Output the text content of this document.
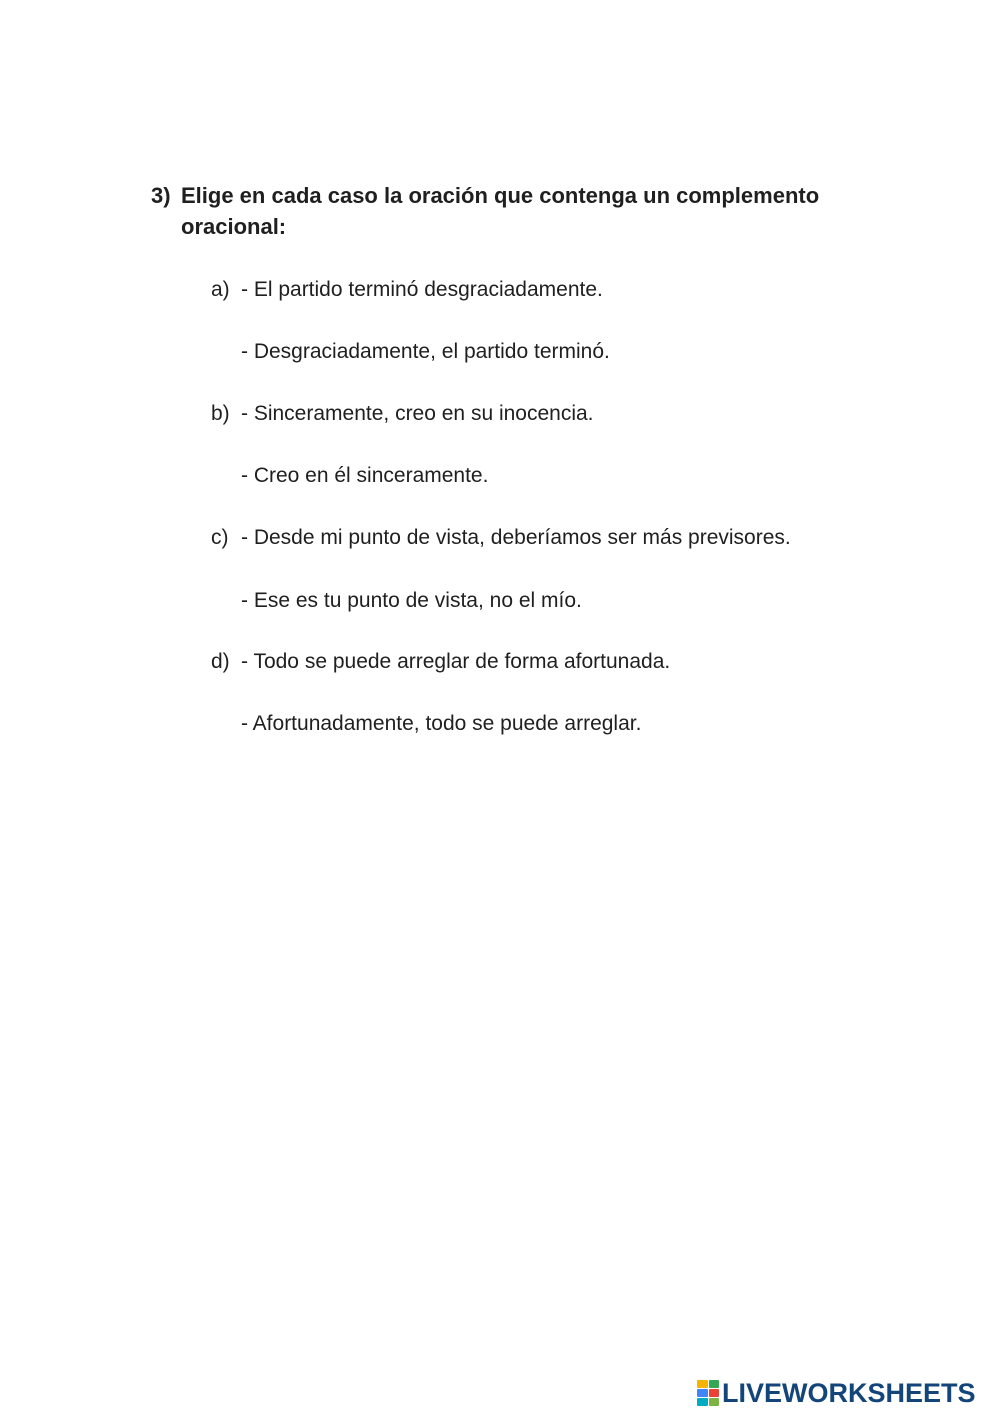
3) Elige en cada caso la oración que contenga un complemento oracional:
a) - El partido terminó desgraciadamente.
- Desgraciadamente, el partido terminó.
b) - Sinceramente, creo en su inocencia.
- Creo en él sinceramente.
c) - Desde mi punto de vista, deberíamos ser más previsores.
- Ese es tu punto de vista, no el mío.
d) - Todo se puede arreglar de forma afortunada.
- Afortunadamente, todo se puede arreglar.
LIVEWORKSHEETS
